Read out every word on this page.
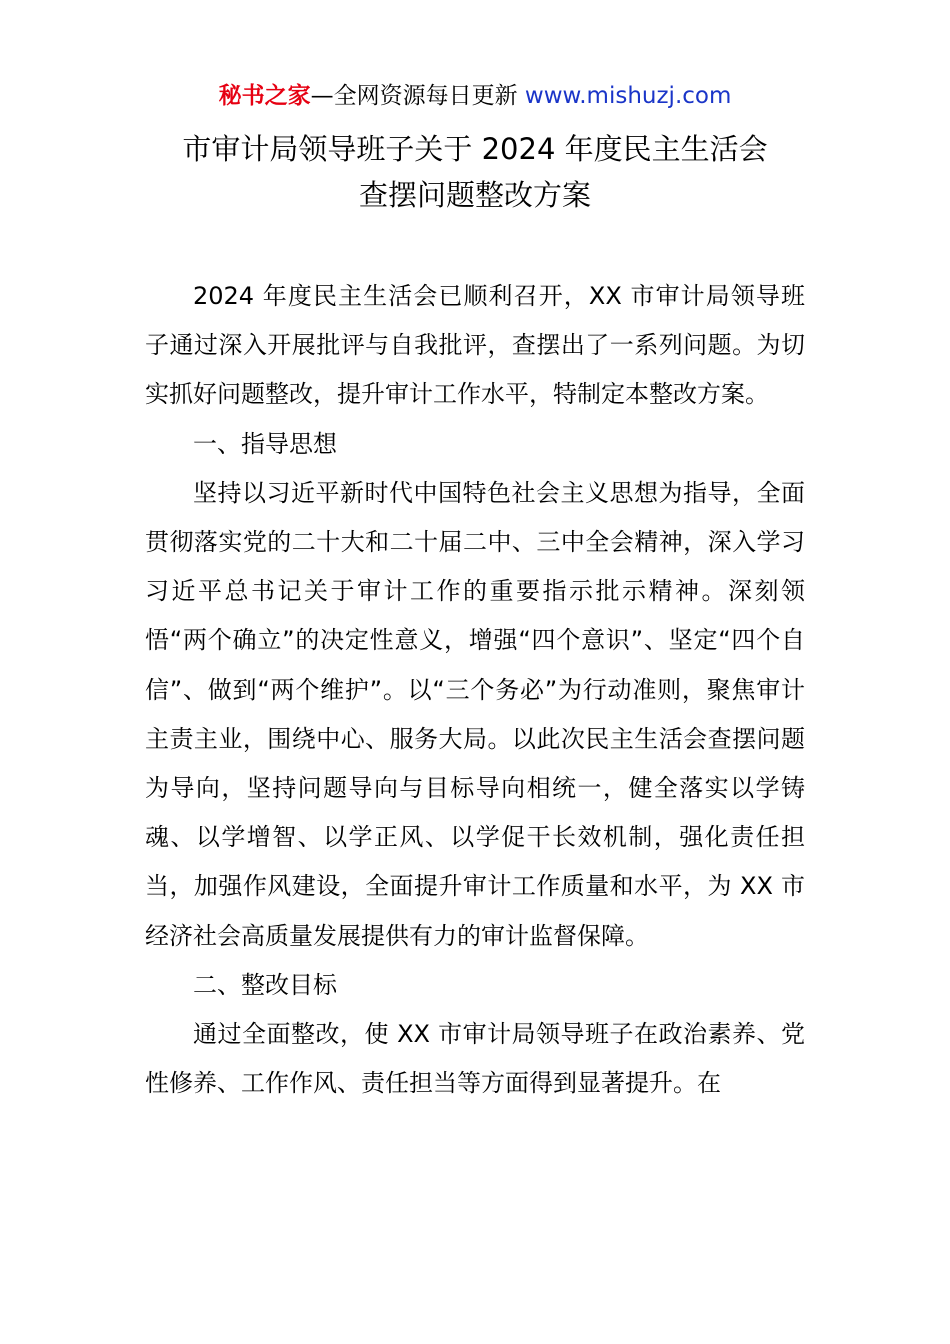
秘书之家—全网资源每日更新 www.mishuzj.com
市审计局领导班子关于 2024 年度民主生活会
查摆问题整改方案

2024 年度民主生活会已顺利召开，XX 市审计局领导班子通过深入开展批评与自我批评，查摆出了一系列问题。为切实抓好问题整改，提升审计工作水平，特制定本整改方案。

一、指导思想

坚持以习近平新时代中国特色社会主义思想为指导，全面贯彻落实党的二十大和二十届二中、三中全会精神，深入学习习近平总书记关于审计工作的重要指示批示精神。深刻领悟“两个确立”的决定性意义，增强“四个意识”、坚定“四个自信”、做到“两个维护”。以“三个务必”为行动准则，聚焦审计主责主业，围绕中心、服务大局。以此次民主生活会查摆问题为导向，坚持问题导向与目标导向相统一，健全落实以学铸魂、以学增智、以学正风、以学促干长效机制，强化责任担当，加强作风建设，全面提升审计工作质量和水平，为 XX 市经济社会高质量发展提供有力的审计监督保障。

二、整改目标

通过全面整改，使 XX 市审计局领导班子在政治素养、党性修养、工作作风、责任担当等方面得到显著提升。在
